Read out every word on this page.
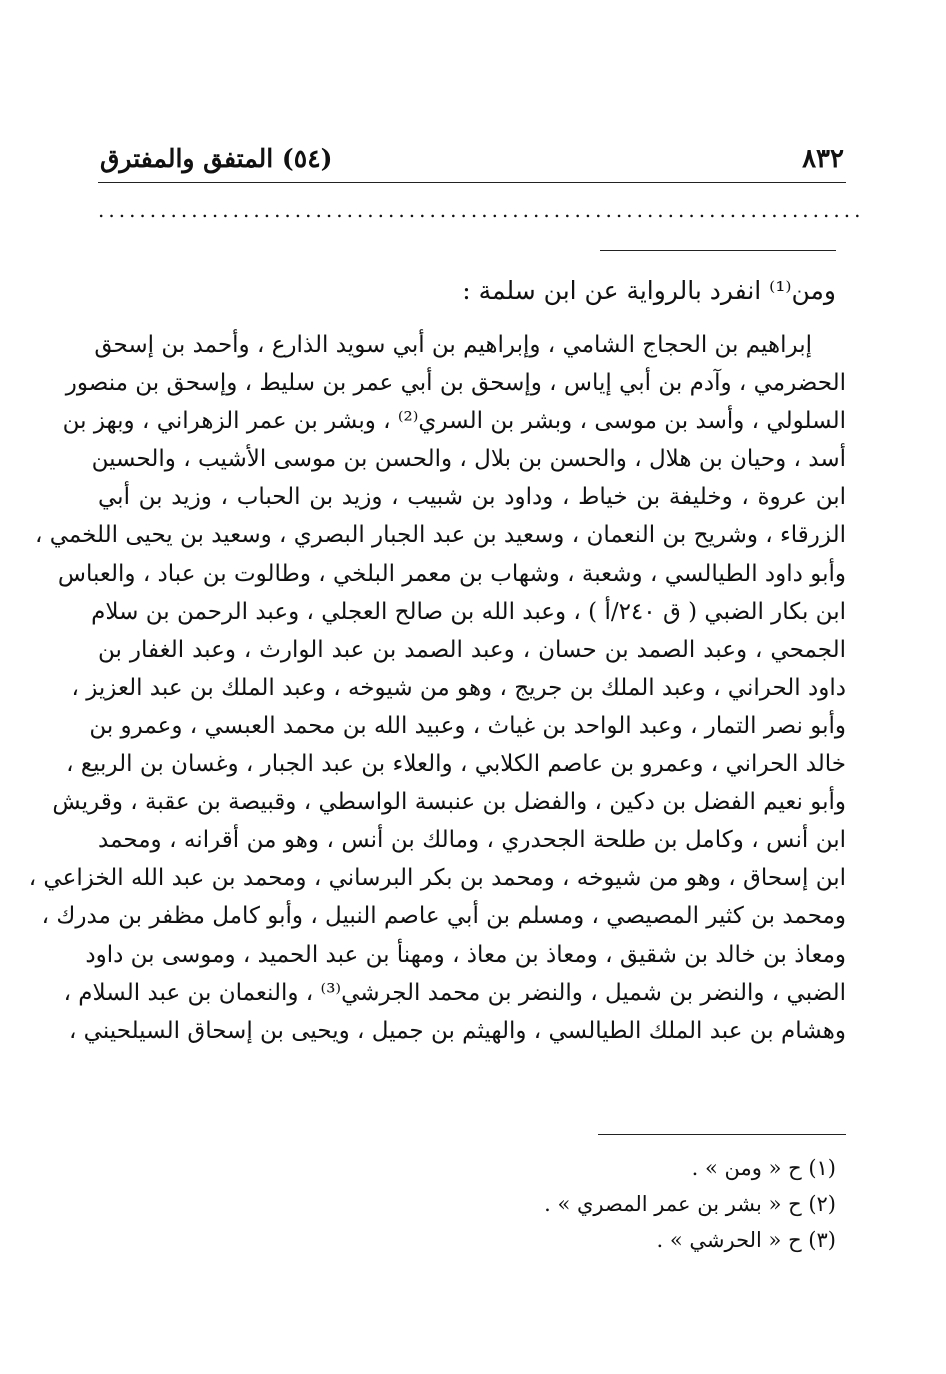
٨٣٢
(٥٤) المتفق والمفترق
..........................................................................
ومن⁽¹⁾ انفرد بالرواية عن ابن سلمة :
إبراهيم بن الحجاج الشامي ، وإبراهيم بن أبي سويد الذارع ، وأحمد بن إسحق
الحضرمي ، وآدم بن أبي إياس ، وإسحق بن أبي عمر بن سليط ، وإسحق بن منصور
السلولي ، وأسد بن موسى ، وبشر بن السري⁽²⁾ ، وبشر بن عمر الزهراني ، وبهز بن
أسد ، وحيان بن هلال ، والحسن بن بلال ، والحسن بن موسى الأشيب ، والحسين
ابن عروة ، وخليفة بن خياط ، وداود بن شبيب ، وزيد بن الحباب ، وزيد بن أبي
الزرقاء ، وشريح بن النعمان ، وسعيد بن عبد الجبار البصري ، وسعيد بن يحيى اللخمي ،
وأبو داود الطيالسي ، وشعبة ، وشهاب بن معمر البلخي ، وطالوت بن عباد ، والعباس
ابن بكار الضبي ( ق ٢٤٠/أ ) ، وعبد الله بن صالح العجلي ، وعبد الرحمن بن سلام
الجمحي ، وعبد الصمد بن حسان ، وعبد الصمد بن عبد الوارث ، وعبد الغفار بن
داود الحراني ، وعبد الملك بن جريج ، وهو من شيوخه ، وعبد الملك بن عبد العزيز ،
وأبو نصر التمار ، وعبد الواحد بن غياث ، وعبيد الله بن محمد العبسي ، وعمرو بن
خالد الحراني ، وعمرو بن عاصم الكلابي ، والعلاء بن عبد الجبار ، وغسان بن الربيع ،
وأبو نعيم الفضل بن دكين ، والفضل بن عنبسة الواسطي ، وقبيصة بن عقبة ، وقريش
ابن أنس ، وكامل بن طلحة الجحدري ، ومالك بن أنس ، وهو من أقرانه ، ومحمد
ابن إسحاق ، وهو من شيوخه ، ومحمد بن بكر البرساني ، ومحمد بن عبد الله الخزاعي ،
ومحمد بن كثير المصيصي ، ومسلم بن أبي عاصم النبيل ، وأبو كامل مظفر بن مدرك ،
ومعاذ بن خالد بن شقيق ، ومعاذ بن معاذ ، ومهنأ بن عبد الحميد ، وموسى بن داود
الضبي ، والنضر بن شميل ، والنضر بن محمد الجرشي⁽³⁾ ، والنعمان بن عبد السلام ،
وهشام بن عبد الملك الطيالسي ، والهيثم بن جميل ، ويحيى بن إسحاق السيلحيني ،
(١) ح « ومن » .
(٢) ح « بشر بن عمر المصري » .
(٣) ح « الحرشي » .
